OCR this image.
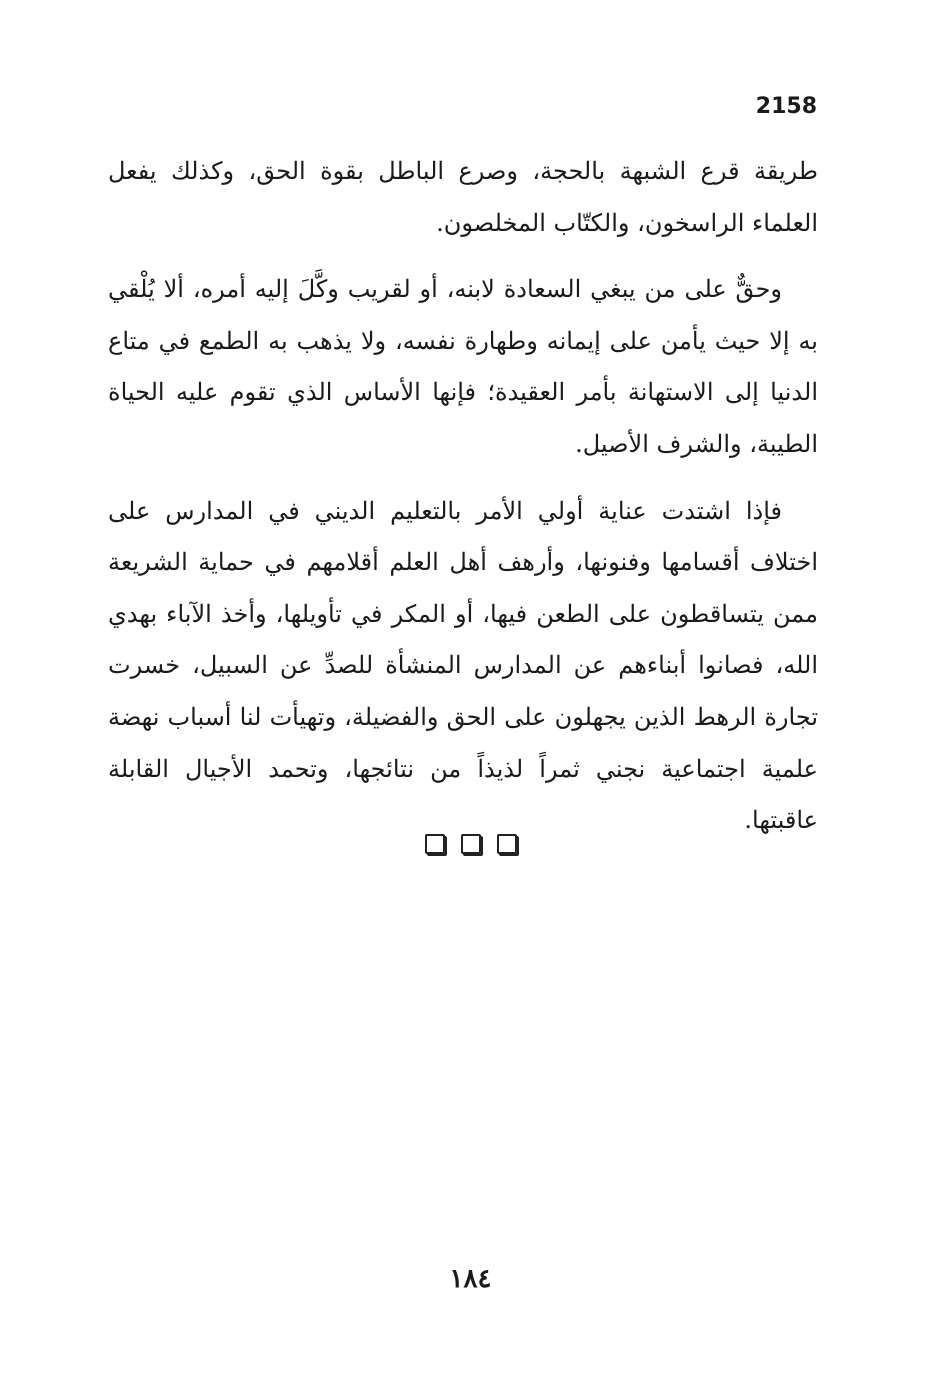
2158

طريقة قرع الشبهة بالحجة، وصرع الباطل بقوة الحق، وكذلك يفعل العلماء الراسخون، والكتّاب المخلصون.

وحقٌّ على من يبغي السعادة لابنه، أو لقريب وكَّلَ إليه أمره، ألا يُلْقي به إلا حيث يأمن على إيمانه وطهارة نفسه، ولا يذهب به الطمع في متاع الدنيا إلى الاستهانة بأمر العقيدة؛ فإنها الأساس الذي تقوم عليه الحياة الطيبة، والشرف الأصيل.

فإذا اشتدت عناية أولي الأمر بالتعليم الديني في المدارس على اختلاف أقسامها وفنونها، وأرهف أهل العلم أقلامهم في حماية الشريعة ممن يتساقطون على الطعن فيها، أو المكر في تأويلها، وأخذ الآباء بهدي الله، فصانوا أبناءهم عن المدارس المنشأة للصدِّ عن السبيل، خسرت تجارة الرهط الذين يجهلون على الحق والفضيلة، وتهيأت لنا أسباب نهضة علمية اجتماعية نجني ثمراً لذيذاً من نتائجها، وتحمد الأجيال القابلة عاقبتها.

١٨٤
